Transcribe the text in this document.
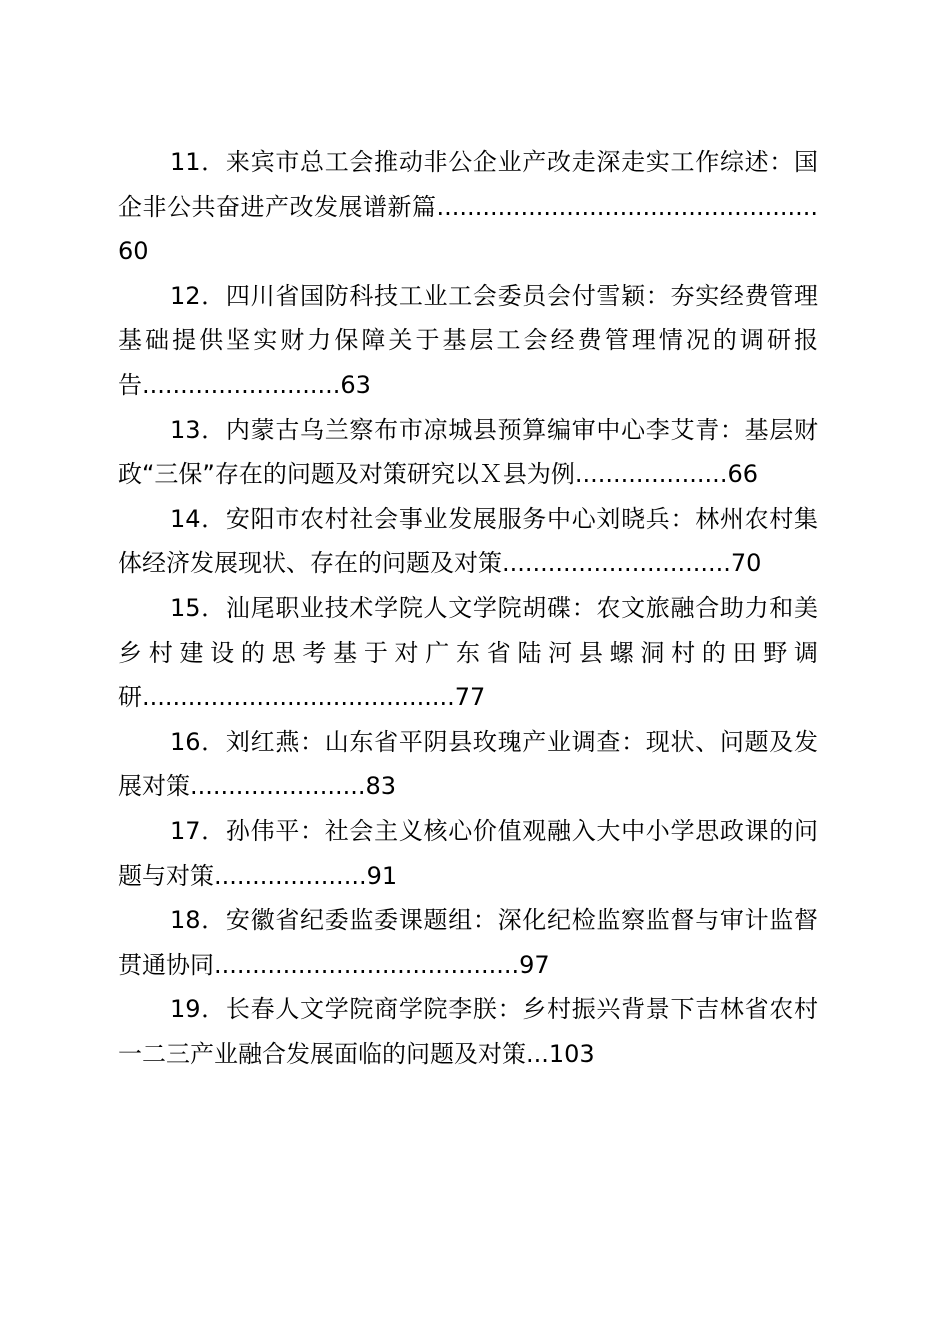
11．来宾市总工会推动非公企业产改走深走实工作综述：国企非公共奋进产改发展谱新篇..................................................60

12．四川省国防科技工业工会委员会付雪颖：夯实经费管理基础提供坚实财力保障关于基层工会经费管理情况的调研报告..........................63

13．内蒙古乌兰察布市凉城县预算编审中心李艾青：基层财政“三保”存在的问题及对策研究以Ｘ县为例....................66

14．安阳市农村社会事业发展服务中心刘晓兵：林州农村集体经济发展现状、存在的问题及对策..............................70

15．汕尾职业技术学院人文学院胡碟：农文旅融合助力和美乡村建设的思考基于对广东省陆河县螺洞村的田野调研.........................................77

16．刘红燕：山东省平阴县玫瑰产业调查：现状、问题及发展对策.......................83

17．孙伟平：社会主义核心价值观融入大中小学思政课的问题与对策....................91

18．安徽省纪委监委课题组：深化纪检监察监督与审计监督贯通协同........................................97

19．长春人文学院商学院李朕：乡村振兴背景下吉林省农村一二三产业融合发展面临的问题及对策...103
